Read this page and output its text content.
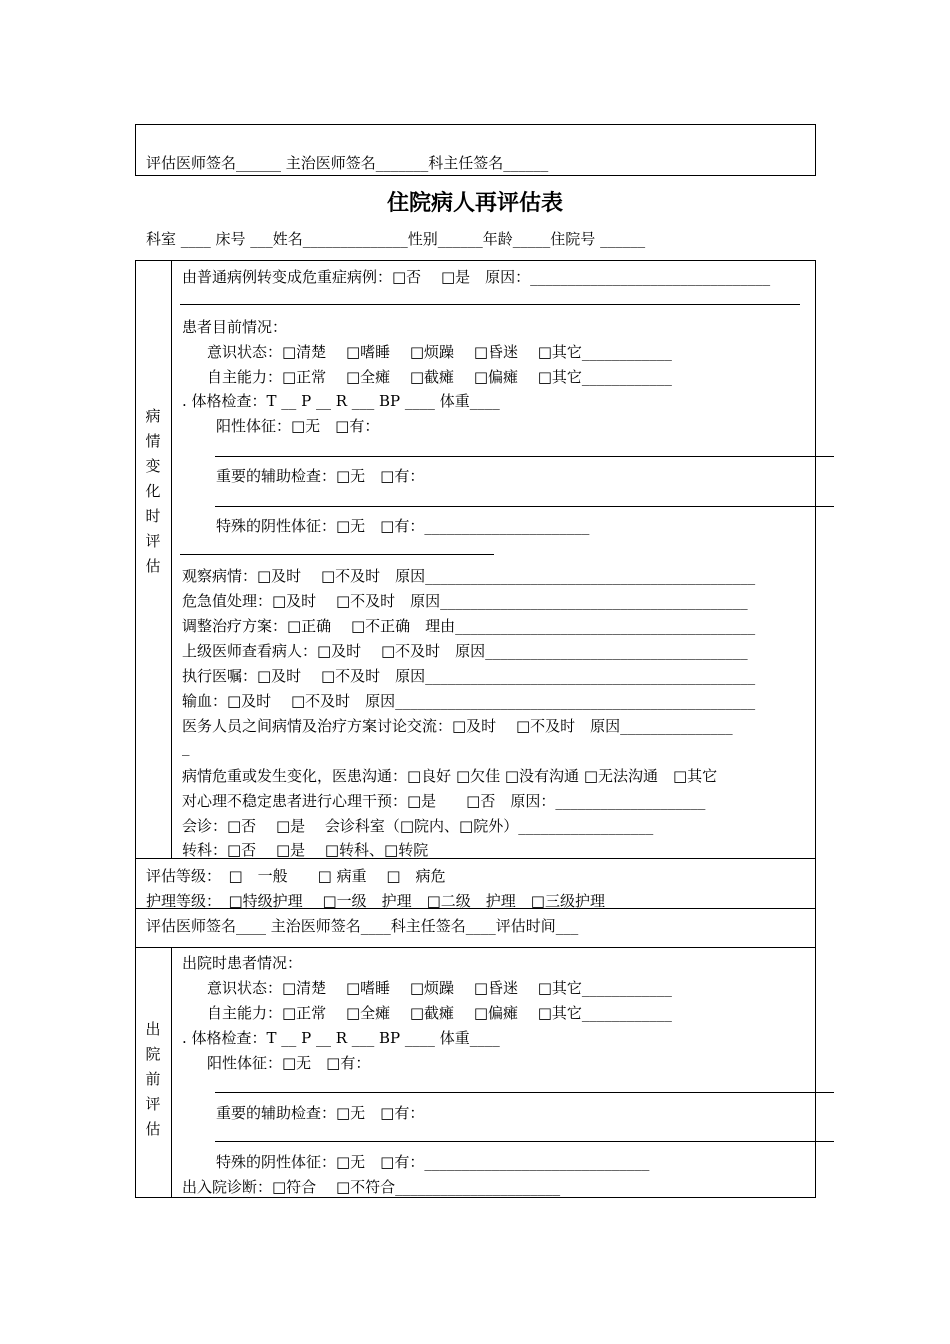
评估医师签名______ 主治医师签名_______科主任签名______
住院病人再评估表
科室 ____ 床号 ___姓名______________性别______年龄_____住院号 ______
病
情
变
化
时
评
估
由普通病例转变成危重症病例：□否　 □是　原因：________________________________
患者目前情况：
意识状态：□清楚　 □嗜睡　 □烦躁　 □昏迷　 □其它____________
自主能力：□正常　 □全瘫　 □截瘫　 □偏瘫　 □其它____________
. 体格检查：T __ P __ R ___ BP ____ 体重____
阳性体征：□无　□有：
重要的辅助检查：□无　□有：
特殊的阴性体征：□无　□有：______________________
观察病情：□及时　 □不及时　原因____________________________________________
危急值处理：□及时　 □不及时　原因_________________________________________
调整治疗方案：□正确　 □不正确　理由________________________________________
上级医师查看病人：□及时　 □不及时　原因___________________________________
执行医嘱：□及时　 □不及时　原因____________________________________________
输血：□及时　 □不及时　原因________________________________________________
医务人员之间病情及治疗方案讨论交流：□及时　 □不及时　原因_______________
_
病情危重或发生变化，医患沟通：□良好 □欠佳 □没有沟通 □无法沟通　□其它
对心理不稳定患者进行心理干预：□是　　□否　原因：____________________
会诊：□否　 □是　 会诊科室（□院内、□院外）__________________
转科：□否　 □是　 □转科、□转院__________________
评估等级：　□　一般　　□ 病重　 □　病危
护理等级：　□特级护理　 □一级　护理　□二级　护理　□三级护理
评估医师签名____ 主治医师签名____科主任签名____评估时间___
出
院
前
评
估
出院时患者情况：
意识状态：□清楚　 □嗜睡　 □烦躁　 □昏迷　 □其它____________
自主能力：□正常　 □全瘫　 □截瘫　 □偏瘫　 □其它____________
. 体格检查：T __ P __ R ___ BP ____ 体重____
阳性体征：□无　□有：
重要的辅助检查：□无　□有：
特殊的阴性体征：□无　□有：______________________________
出入院诊断：□符合　 □不符合______________________
